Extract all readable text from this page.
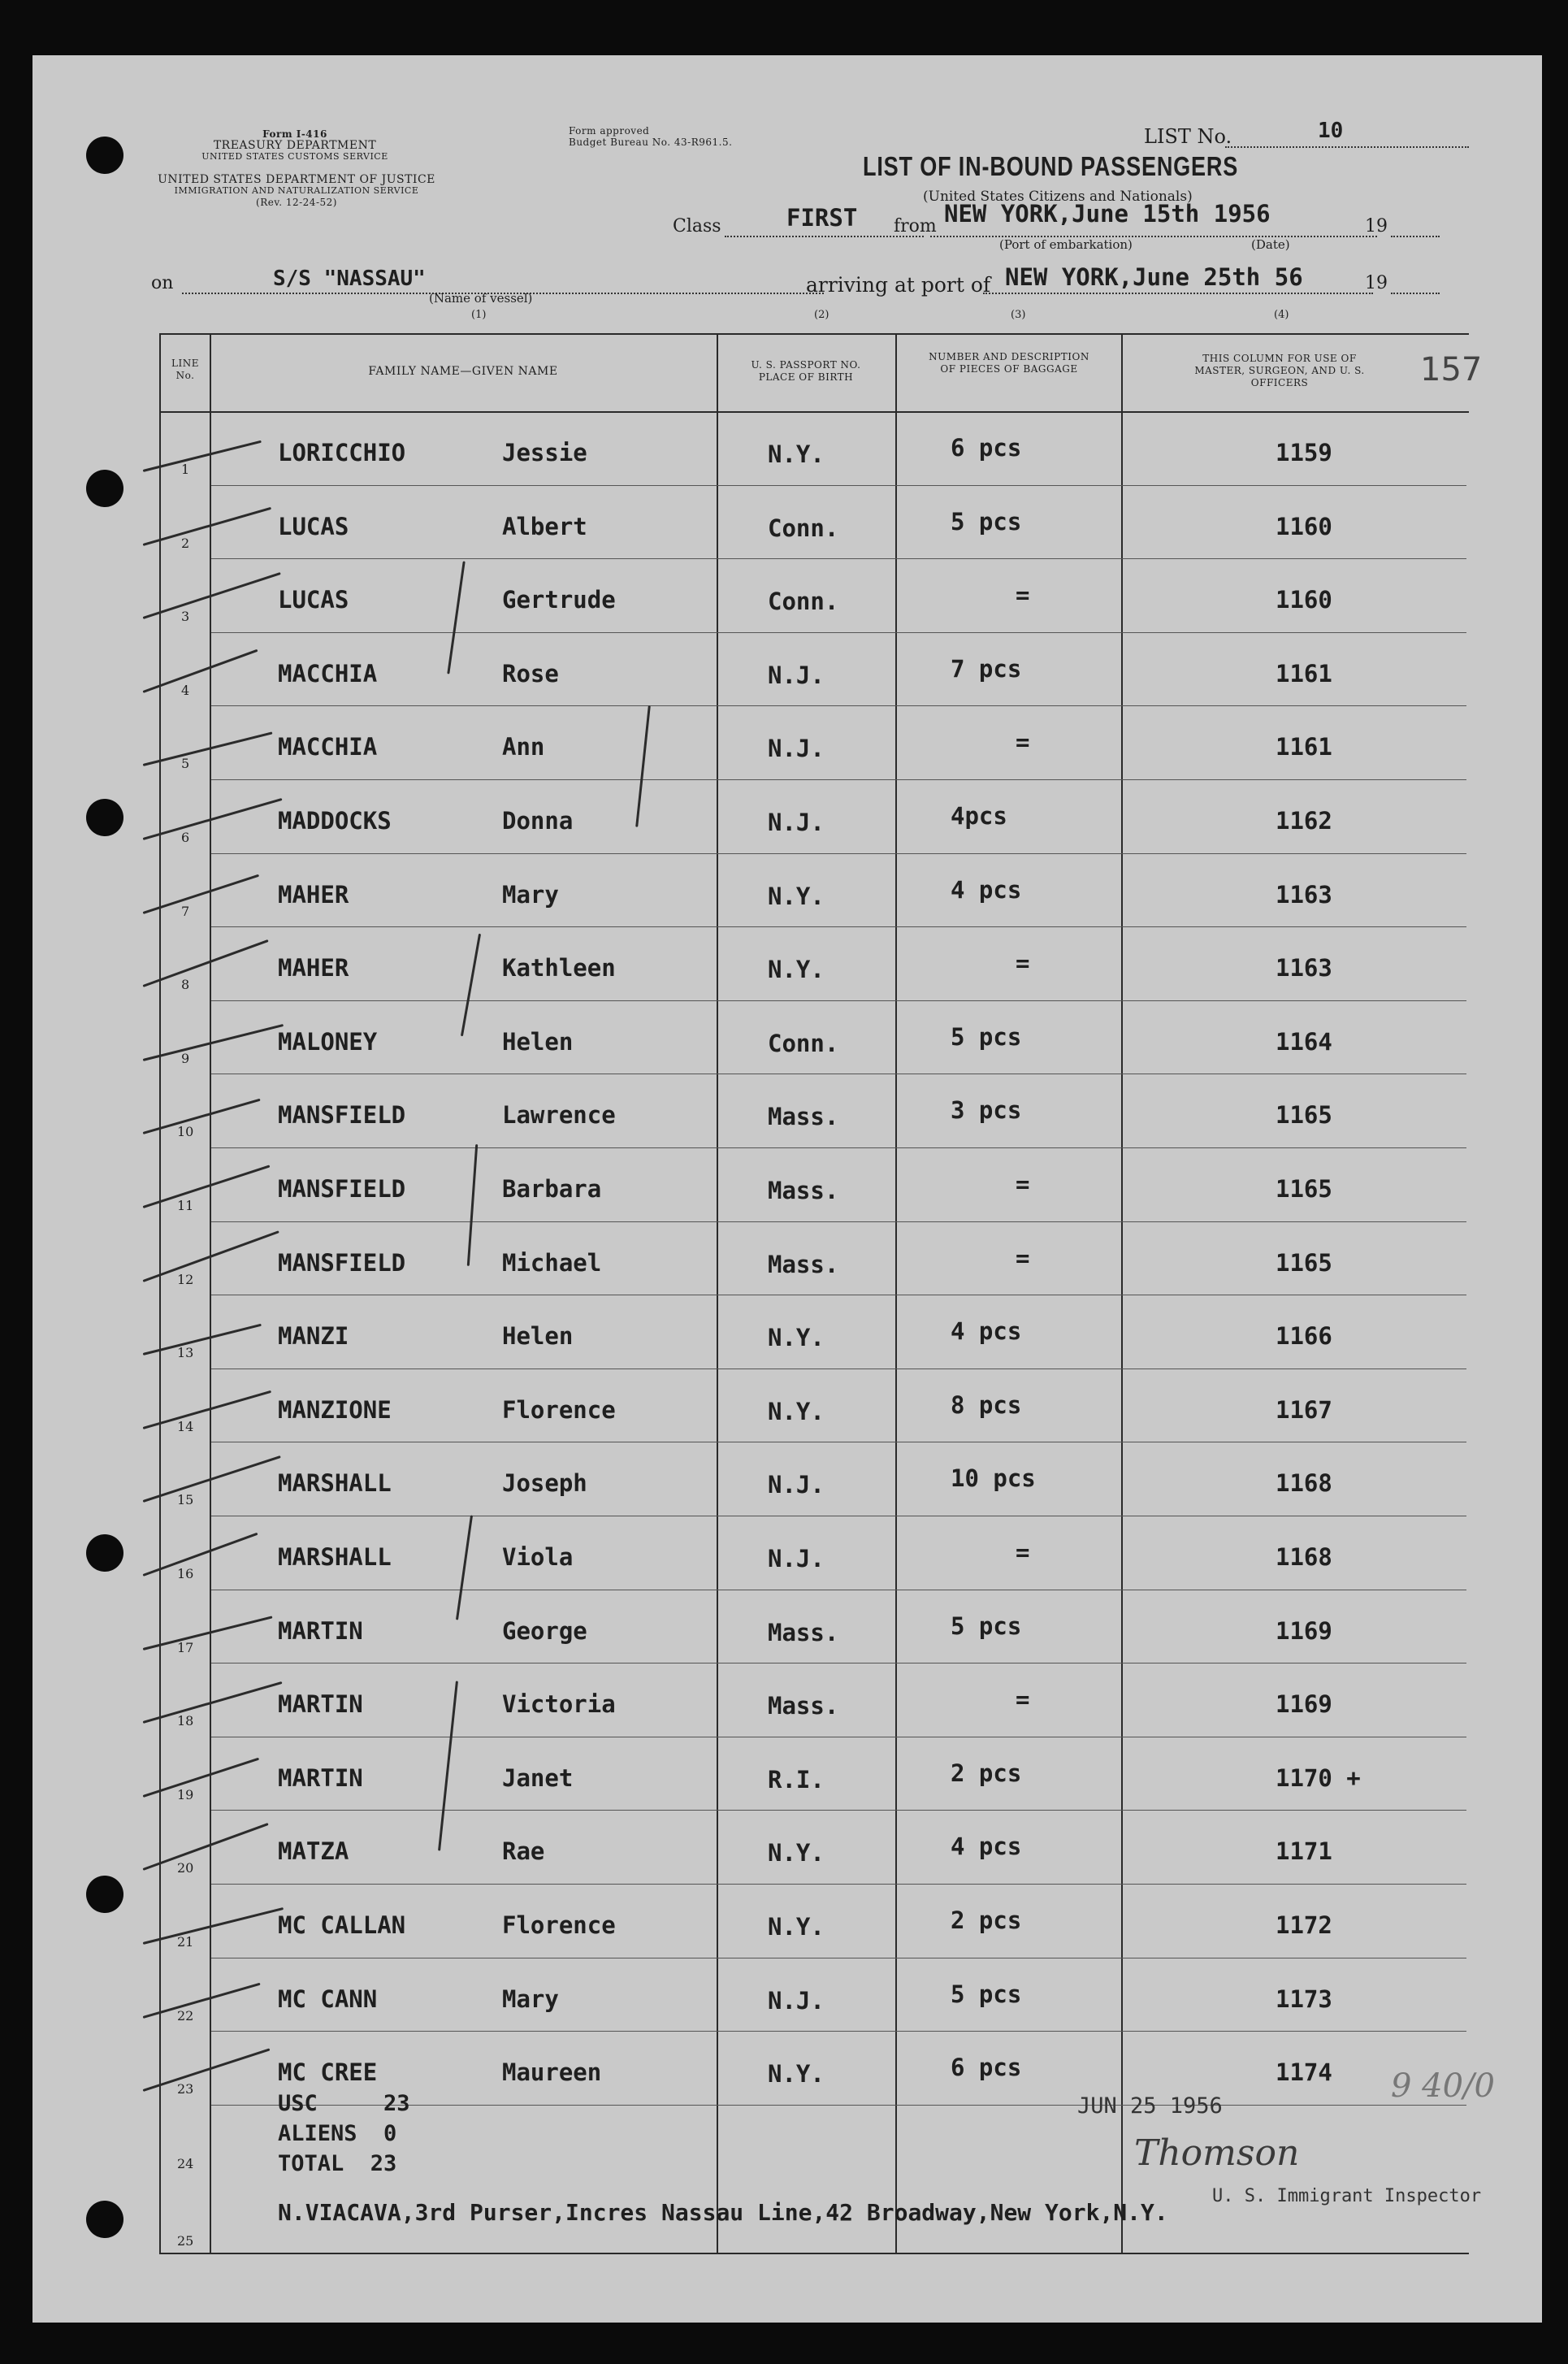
Form I-416
TREASURY DEPARTMENT
UNITED STATES CUSTOMS SERVICE
UNITED STATES DEPARTMENT OF JUSTICE
IMMIGRATION AND NATURALIZATION SERVICE
(Rev. 12-24-52)
Form approved
Budget Bureau No. 43-R961.5.	LIST No.	10
LIST OF IN-BOUND PASSENGERS
(United States Citizens and Nationals)
Class	FIRST from NEW YORK,June 15th 1956	19
(Port of embarkation)	(Date)
on	S/S "NASSAU"
(Name of vessel)
arriving at port of NEW YORK,June 25th 56	19
(1)	(2)	(3)	(4)
157
LINE No.	FAMILY NAME—GIVEN NAME	U. S. PASSPORT NO. PLACE OF BIRTH
NUMBER AND DESCRIPTION OF PIECES OF BAGGAGE
THIS COLUMN FOR USE OF MASTER, SURGEON, AND U. S. OFFICERS
1
LORICCHIO	Jessie	N.Y.	6 pcs	1159
2
LUCAS	Albert	Conn.	5 pcs	1160
3
LUCAS	Gertrude	Conn.	=	1160
4
MACCHIA	Rose	N.J.	7 pcs	1161
5
MACCHIA	Ann	N.J.	=	1161
6
MADDOCKS	Donna	N.J.	4pcs	1162
7
MAHER	Mary	N.Y.	4 pcs	1163
8
MAHER	Kathleen	N.Y.	=	1163
9
MALONEY	Helen	Conn.	5 pcs	1164
10
MANSFIELD	Lawrence	Mass.	3 pcs	1165
11
MANSFIELD	Barbara	Mass.	=	1165
12
MANSFIELD	Michael	Mass.	=	1165
13
MANZI	Helen	N.Y.	4 pcs	1166
14
MANZIONE	Florence	N.Y.	8 pcs	1167
15
MARSHALL	Joseph	N.J.	10 pcs	1168
16
MARSHALL	Viola	N.J.	=	1168
17
MARTIN	George	Mass.	5 pcs	1169
18
MARTIN	Victoria	Mass.	=	1169
19
MARTIN	Janet	R.I.	2 pcs	1170 +
20
MATZA	Rae	N.Y.	4 pcs	1171
21
MC CALLAN	Florence	N.Y.	2 pcs	1172
22
MC CANN	Mary	N.J.	5 pcs	1173
23
MC CREE	Maureen	N.Y.	6 pcs	1174
24
25
USC     23
ALIENS  0
TOTAL  23
JUN 25 1956
Thomson
U. S. Immigrant Inspector
N.VIACAVA,3rd Purser,Incres Nassau Line,42 Broadway,New York,N.Y.
9 40/0
